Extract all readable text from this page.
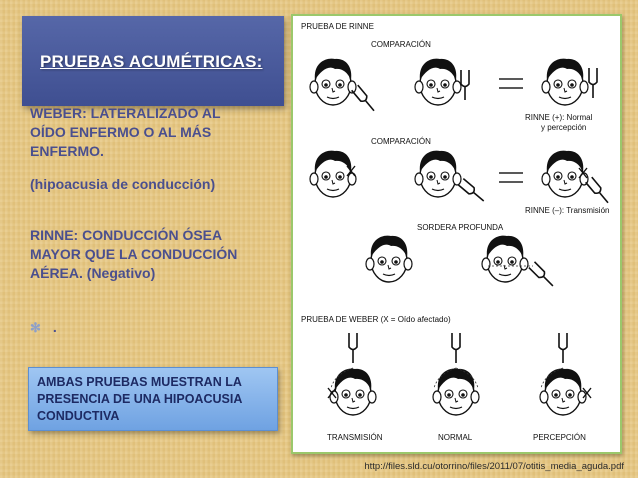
PRUEBAS ACUMÉTRICAS:
WEBER: LATERALIZADO AL
OÍDO ENFERMO O AL MÁS
ENFERMO.
(hipoacusia de conducción)
RINNE: CONDUCCIÓN ÓSEA
MAYOR QUE LA CONDUCCIÓN
AÉREA. (Negativo)
✻ .
AMBAS PRUEBAS MUESTRAN LA
PRESENCIA DE UNA HIPOACUSIA
CONDUCTIVA
PRUEBA DE RINNE
COMPARACIÓN
RINNE (+): Normal
y percepción
COMPARACIÓN
RINNE (–): Transmisión
SORDERA PROFUNDA
PRUEBA DE WEBER (X = Oído afectado)
TRANSMISIÓN	NORMAL	PERCEPCIÓN
http://files.sld.cu/otorrino/files/2011/07/otitis_media_aguda.pdf
